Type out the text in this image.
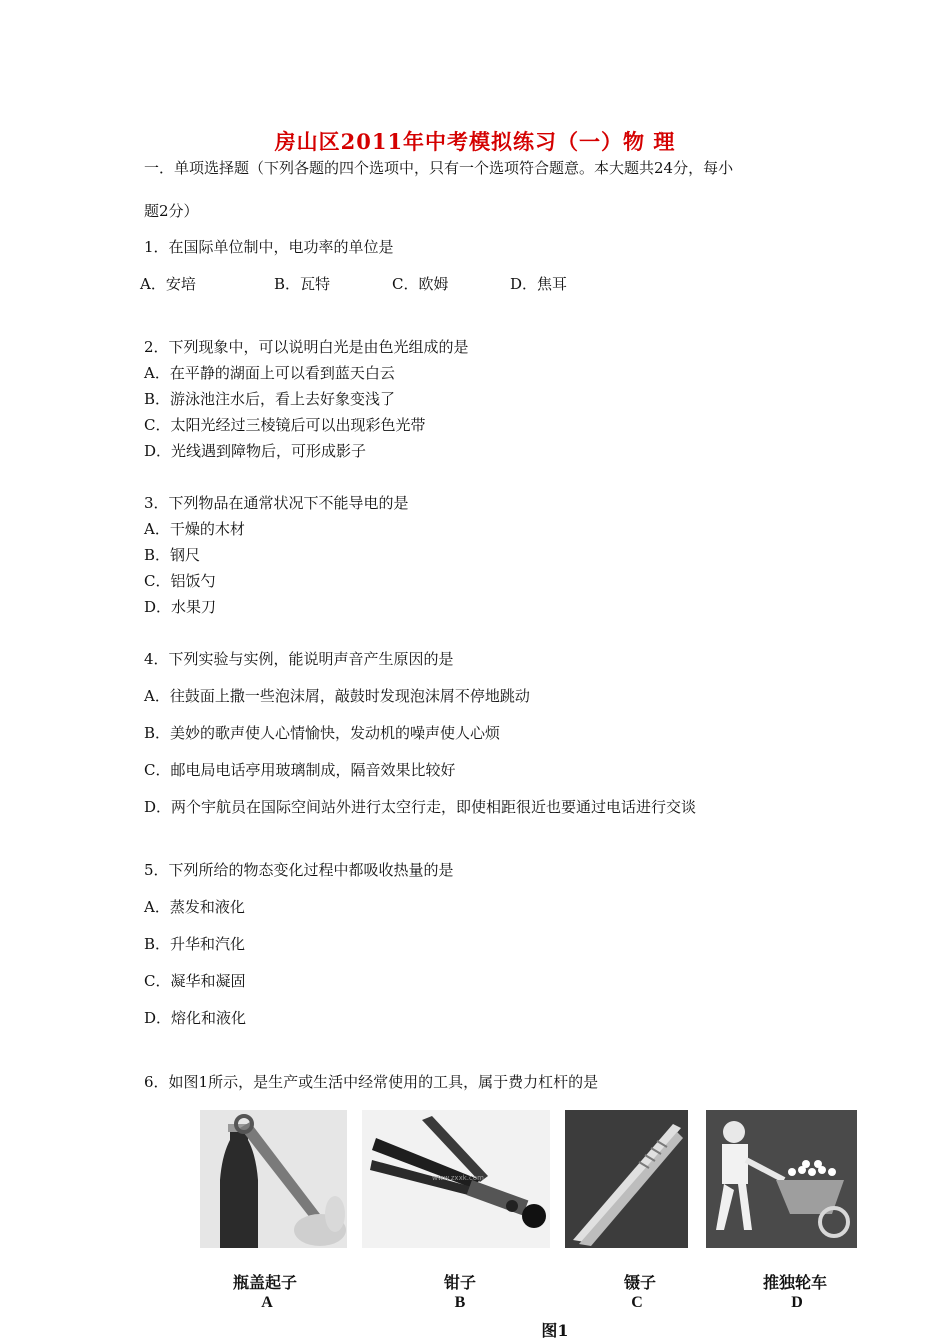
房山区2011年中考模拟练习（一）物 理
一．单项选择题（下列各题的四个选项中，只有一个选项符合题意。本大题共24分，每小
题2分）
1．在国际单位制中，电功率的单位是
A．安培	B．瓦特	C．欧姆	D．焦耳
2．下列现象中，可以说明白光是由色光组成的是
A．在平静的湖面上可以看到蓝天白云
B．游泳池注水后，看上去好象变浅了
C．太阳光经过三棱镜后可以出现彩色光带
D．光线遇到障物后，可形成影子
3．下列物品在通常状况下不能导电的是
A．干燥的木材
B．钢尺
C．铝饭勺
D．水果刀
4．下列实验与实例，能说明声音产生原因的是
A．往鼓面上撒一些泡沫屑，敲鼓时发现泡沫屑不停地跳动
B．美妙的歌声使人心情愉快，发动机的噪声使人心烦
C．邮电局电话亭用玻璃制成，隔音效果比较好
D．两个宇航员在国际空间站外进行太空行走，即使相距很近也要通过电话进行交谈
5．下列所给的物态变化过程中都吸收热量的是
A．蒸发和液化
B．升华和汽化
C．凝华和凝固
D．熔化和液化
6．如图1所示，是生产或生活中经常使用的工具，属于费力杠杆的是
www.zxxk.com
瓶盖起子	钳子	镊子	推独轮车
A	B	C	D
图1
